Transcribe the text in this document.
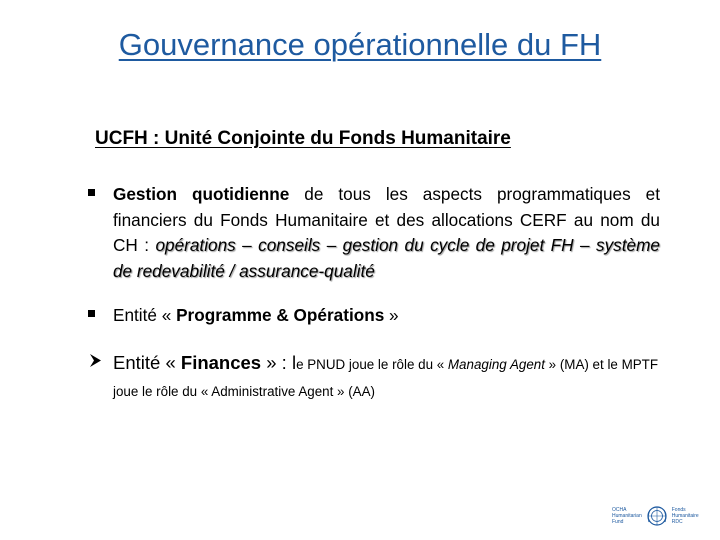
Gouvernance opérationnelle du FH
UCFH : Unité Conjointe du Fonds Humanitaire
Gestion quotidienne de tous les aspects programmatiques et financiers du Fonds Humanitaire et des allocations CERF au nom du CH : opérations – conseils – gestion du cycle de projet FH – système de redevabilité / assurance-qualité
Entité « Programme & Opérations »
Entité « Finances » : le PNUD joue le rôle du « Managing Agent » (MA) et le MPTF joue le rôle du « Administrative Agent » (AA)
OCHA
Humanitarian
Fund
Fonds
Humanitaire
RDC
